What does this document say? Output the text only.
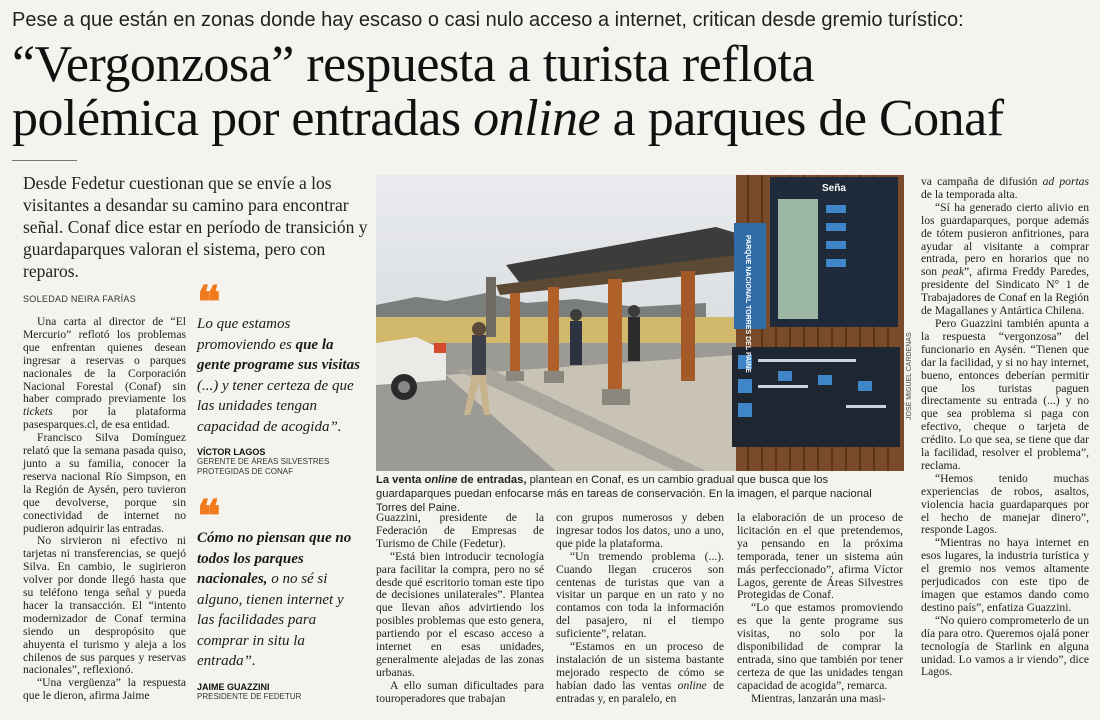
Pese a que están en zonas donde hay escaso o casi nulo acceso a internet, critican desde gremio turístico:
“Vergonzosa” respuesta a turista reflota
polémica por entradas online a parques de Conaf
Desde Fedetur cuestionan que se envíe a los visitantes a desandar su camino para encontrar señal. Conaf dice estar en período de transición y guardaparques valoran el sistema, pero con reparos.
SOLEDAD NEIRA FARÍAS

Una carta al director de “El Mercurio” reflotó los problemas que enfrentan quienes desean ingresar a reservas o parques nacionales de la Corporación Nacional Forestal (Conaf) sin haber comprado previamente los tickets por la plataforma pasesparques.cl, de esa entidad.

Francisco Silva Domínguez relató que la semana pasada quiso, junto a su familia, conocer la reserva nacional Río Simpson, en la Región de Aysén, pero tuvieron que devolverse, porque sin conectividad de internet no pudieron adquirir las entradas.

No sirvieron ni efectivo ni tarjetas ni transferencias, se quejó Silva. En cambio, le sugirieron volver por donde llegó hasta que su teléfono tenga señal y pueda hacer la transacción. El “intento modernizador de Conaf termina siendo un despropósito que ahuyenta el turismo y aleja a los chilenos de sus parques y reservas nacionales”, reflexionó.

“Una vergüenza” la respuesta que le dieron, afirma Jaime

❝
Lo que estamos promoviendo es que la gente programe sus visitas (...) y tener certeza de que las unidades tengan capacidad de acogida”.
VÍCTOR LAGOS
GERENTE DE ÁREAS SILVESTRES PROTEGIDAS DE CONAF
❝
Cómo no piensan que no todos los parques nacionales, o no sé si alguno, tienen internet y las facilidades para comprar in situ la entrada”.
JAIME GUAZZINI
PRESIDENTE DE FEDETUR
PARQUE NACIONAL TORRES DEL PAINE
Seña
JOSÉ MIGUEL CARDENAS
La venta online de entradas, plantean en Conaf, es un cambio gradual que busca que los guardaparques puedan enfocarse más en tareas de conservación. En la imagen, el parque nacional Torres del Paine.

Guazzini, presidente de la Federación de Empresas de Turismo de Chile (Fedetur).

“Está bien introducir tecnología para facilitar la compra, pero no sé desde qué escritorio toman este tipo de decisiones unilaterales”. Plantea que llevan años advirtiendo los posibles problemas que esto genera, partiendo por el escaso acceso a internet en esas unidades, generalmente alejadas de las zonas urbanas.

A ello suman dificultades para touroperadores que trabajan

con grupos numerosos y deben ingresar todos los datos, uno a uno, que pide la plataforma.

“Un tremendo problema (...). Cuando llegan cruceros son centenas de turistas que van a visitar un parque en un rato y no contamos con toda la información del pasajero, ni el tiempo suficiente”, relatan.

“Estamos en un proceso de instalación de un sistema bastante mejorado respecto de cómo se habían dado las ventas online de entradas y, en paralelo, en

la elaboración de un proceso de licitación en el que pretendemos, ya pensando en la próxima temporada, tener un sistema aún más perfeccionado”, afirma Víctor Lagos, gerente de Áreas Silvestres Protegidas de Conaf.

“Lo que estamos promoviendo es que la gente programe sus visitas, no solo por la disponibilidad de comprar la entrada, sino que también por tener certeza de que las unidades tengan capacidad de acogida”, remarca.

Mientras, lanzarán una masi-

va campaña de difusión ad portas de la temporada alta.

“Sí ha generado cierto alivio en los guardaparques, porque además de tótem pusieron anfitriones, para ayudar al visitante a comprar entrada, pero en horarios que no son peak”, afirma Freddy Paredes, presidente del Sindicato N° 1 de Trabajadores de Conaf en la Región de Magallanes y Antártica Chilena.

Pero Guazzini también apunta a la respuesta “vergonzosa” del funcionario en Aysén. “Tienen que dar la facilidad, y si no hay internet, bueno, entonces deberían permitir que los turistas paguen directamente su entrada (...) y no que sea problema si paga con efectivo, cheque o tarjeta de crédito. Lo que sea, se tiene que dar la facilidad, resolver el problema”, reclama.

“Hemos tenido muchas experiencias de robos, asaltos, violencia hacia guardaparques por el hecho de manejar dinero”, responde Lagos.

“Mientras no haya internet en esos lugares, la industria turística y el gremio nos vemos altamente perjudicados con este tipo de imagen que estamos dando como destino país”, enfatiza Guazzini.

“No quiero comprometerlo de un día para otro. Queremos ojalá poner tecnología de Starlink en alguna unidad. Lo vamos a ir viendo”, dice Lagos.
